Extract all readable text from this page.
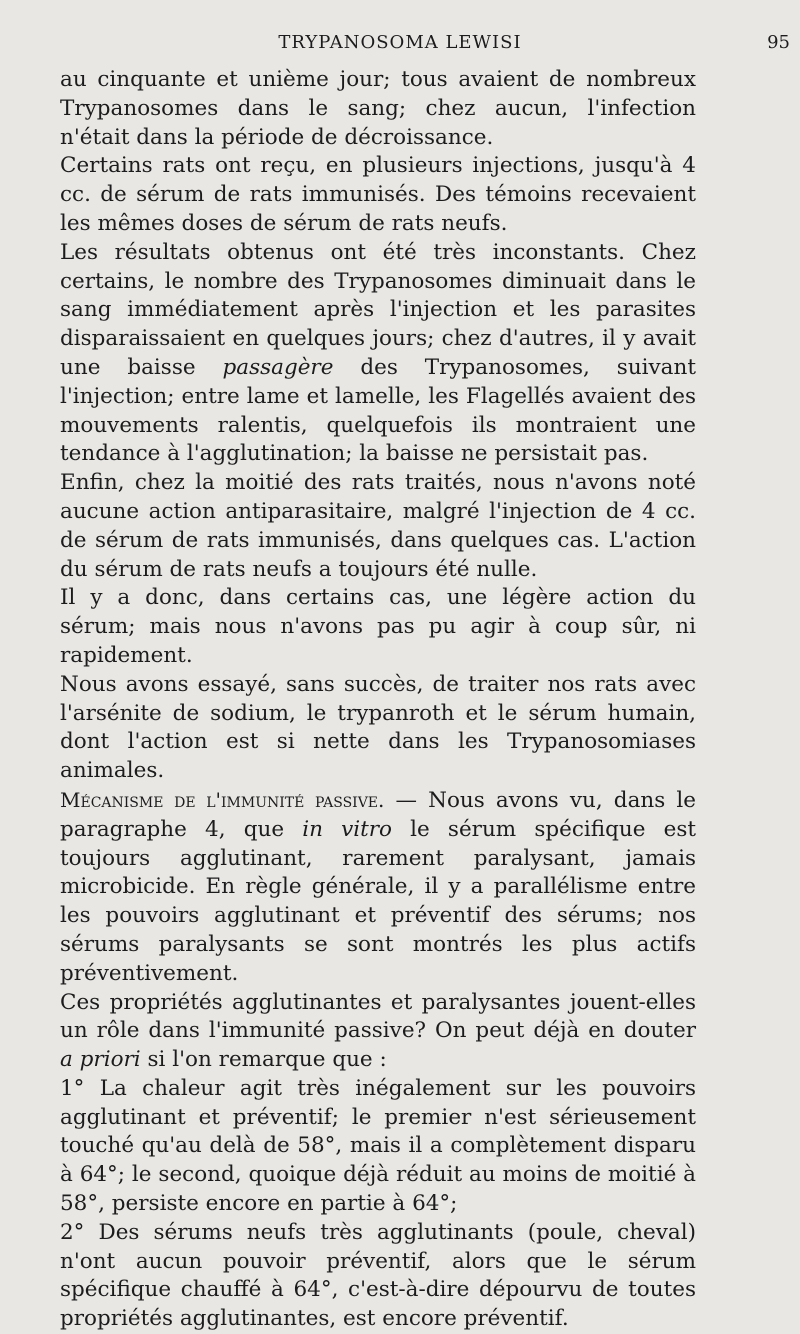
TRYPANOSOMA LEWISI	95

au cinquante et unième jour; tous avaient de nombreux Trypanosomes dans le sang; chez aucun, l'infection n'était dans la période de décroissance.

Certains rats ont reçu, en plusieurs injections, jusqu'à 4 cc. de sérum de rats immunisés. Des témoins recevaient les mêmes doses de sérum de rats neufs.

Les résultats obtenus ont été très inconstants. Chez certains, le nombre des Trypanosomes diminuait dans le sang immédiatement après l'injection et les parasites disparaissaient en quelques jours; chez d'autres, il y avait une baisse passagère des Trypanosomes, suivant l'injection; entre lame et lamelle, les Flagellés avaient des mouvements ralentis, quelquefois ils montraient une tendance à l'agglutination; la baisse ne persistait pas.

Enfin, chez la moitié des rats traités, nous n'avons noté aucune action antiparasitaire, malgré l'injection de 4 cc. de sérum de rats immunisés, dans quelques cas. L'action du sérum de rats neufs a toujours été nulle.

Il y a donc, dans certains cas, une légère action du sérum; mais nous n'avons pas pu agir à coup sûr, ni rapidement.

Nous avons essayé, sans succès, de traiter nos rats avec l'arsénite de sodium, le trypanroth et le sérum humain, dont l'action est si nette dans les Trypanosomiases animales.

Mécanisme de l'immunité passive. — Nous avons vu, dans le paragraphe 4, que in vitro le sérum spécifique est toujours agglutinant, rarement paralysant, jamais microbicide. En règle générale, il y a parallélisme entre les pouvoirs agglutinant et préventif des sérums; nos sérums paralysants se sont montrés les plus actifs préventivement.

Ces propriétés agglutinantes et paralysantes jouent-elles un rôle dans l'immunité passive? On peut déjà en douter a priori si l'on remarque que :

1° La chaleur agit très inégalement sur les pouvoirs agglutinant et préventif; le premier n'est sérieusement touché qu'au delà de 58°, mais il a complètement disparu à 64°; le second, quoique déjà réduit au moins de moitié à 58°, persiste encore en partie à 64°;

2° Des sérums neufs très agglutinants (poule, cheval) n'ont aucun pouvoir préventif, alors que le sérum spécifique chauffé à 64°, c'est-à-dire dépourvu de toutes propriétés agglutinantes, est encore préventif.
